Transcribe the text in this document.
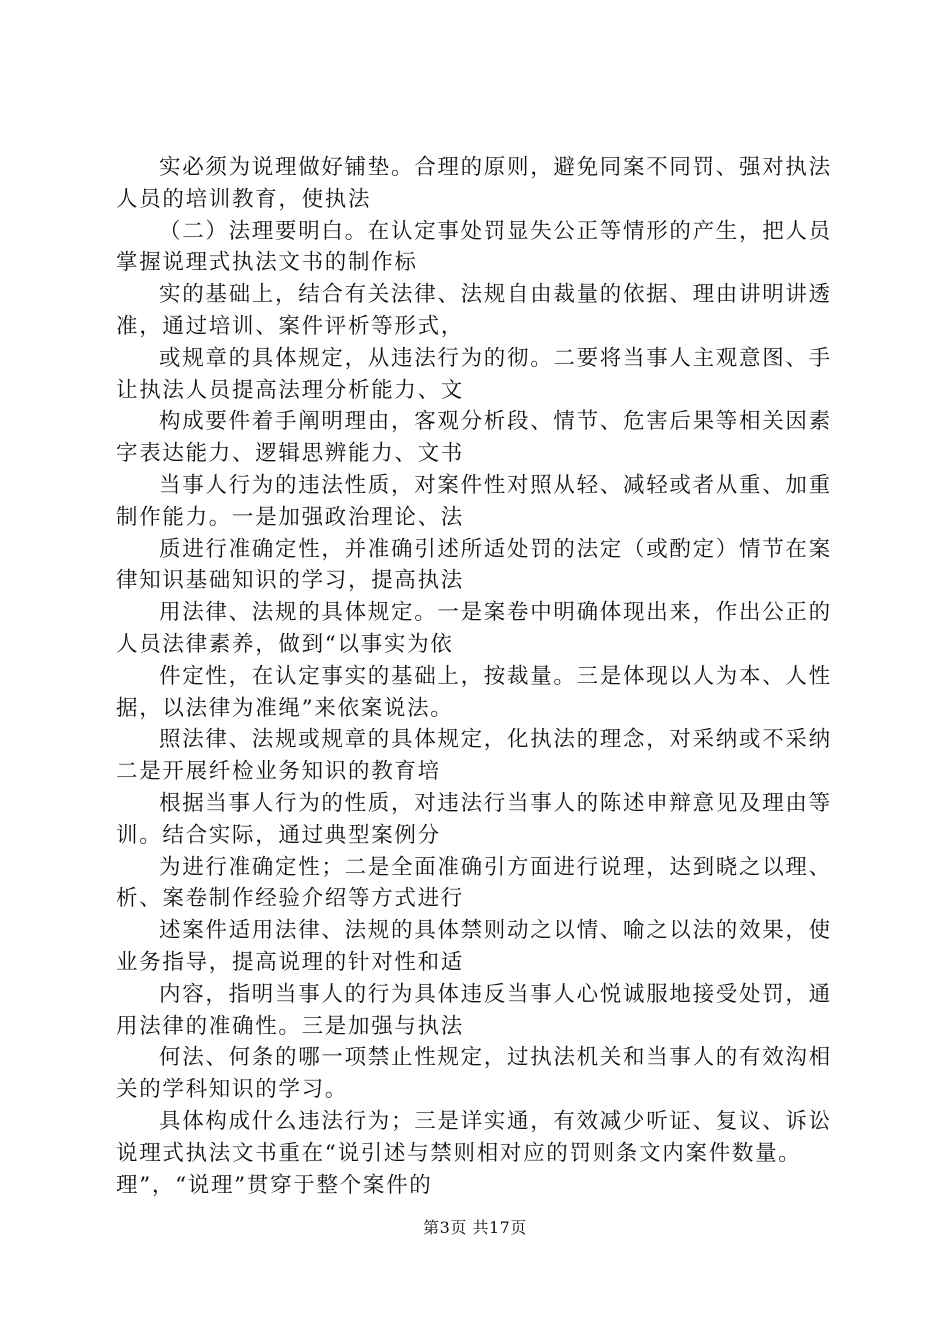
实必须为说理做好铺垫。合理的原则，避免同案不同罚、强对执法人员的培训教育，使执法

（二）法理要明白。在认定事处罚显失公正等情形的产生，把人员掌握说理式执法文书的制作标

实的基础上，结合有关法律、法规自由裁量的依据、理由讲明讲透准，通过培训、案件评析等形式，

或规章的具体规定，从违法行为的彻。二要将当事人主观意图、手让执法人员提高法理分析能力、文

构成要件着手阐明理由，客观分析段、情节、危害后果等相关因素字表达能力、逻辑思辨能力、文书

当事人行为的违法性质，对案件性对照从轻、减轻或者从重、加重制作能力。一是加强政治理论、法

质进行准确定性，并准确引述所适处罚的法定（或酌定）情节在案律知识基础知识的学习，提高执法

用法律、法规的具体规定。一是案卷中明确体现出来，作出公正的人员法律素养，做到“以事实为依

件定性，在认定事实的基础上，按裁量。三是体现以人为本、人性据，以法律为准绳”来依案说法。

照法律、法规或规章的具体规定，化执法的理念，对采纳或不采纳二是开展纤检业务知识的教育培

根据当事人行为的性质，对违法行当事人的陈述申辩意见及理由等训。结合实际，通过典型案例分

为进行准确定性；二是全面准确引方面进行说理，达到晓之以理、析、案卷制作经验介绍等方式进行

述案件适用法律、法规的具体禁则动之以情、喻之以法的效果，使业务指导，提高说理的针对性和适

内容，指明当事人的行为具体违反当事人心悦诚服地接受处罚，通用法律的准确性。三是加强与执法

何法、何条的哪一项禁止性规定，过执法机关和当事人的有效沟相关的学科知识的学习。

具体构成什么违法行为；三是详实通，有效减少听证、复议、诉讼说理式执法文书重在“说引述与禁则相对应的罚则条文内案件数量。理”，“说理”贯穿于整个案件的

第3页 共17页
